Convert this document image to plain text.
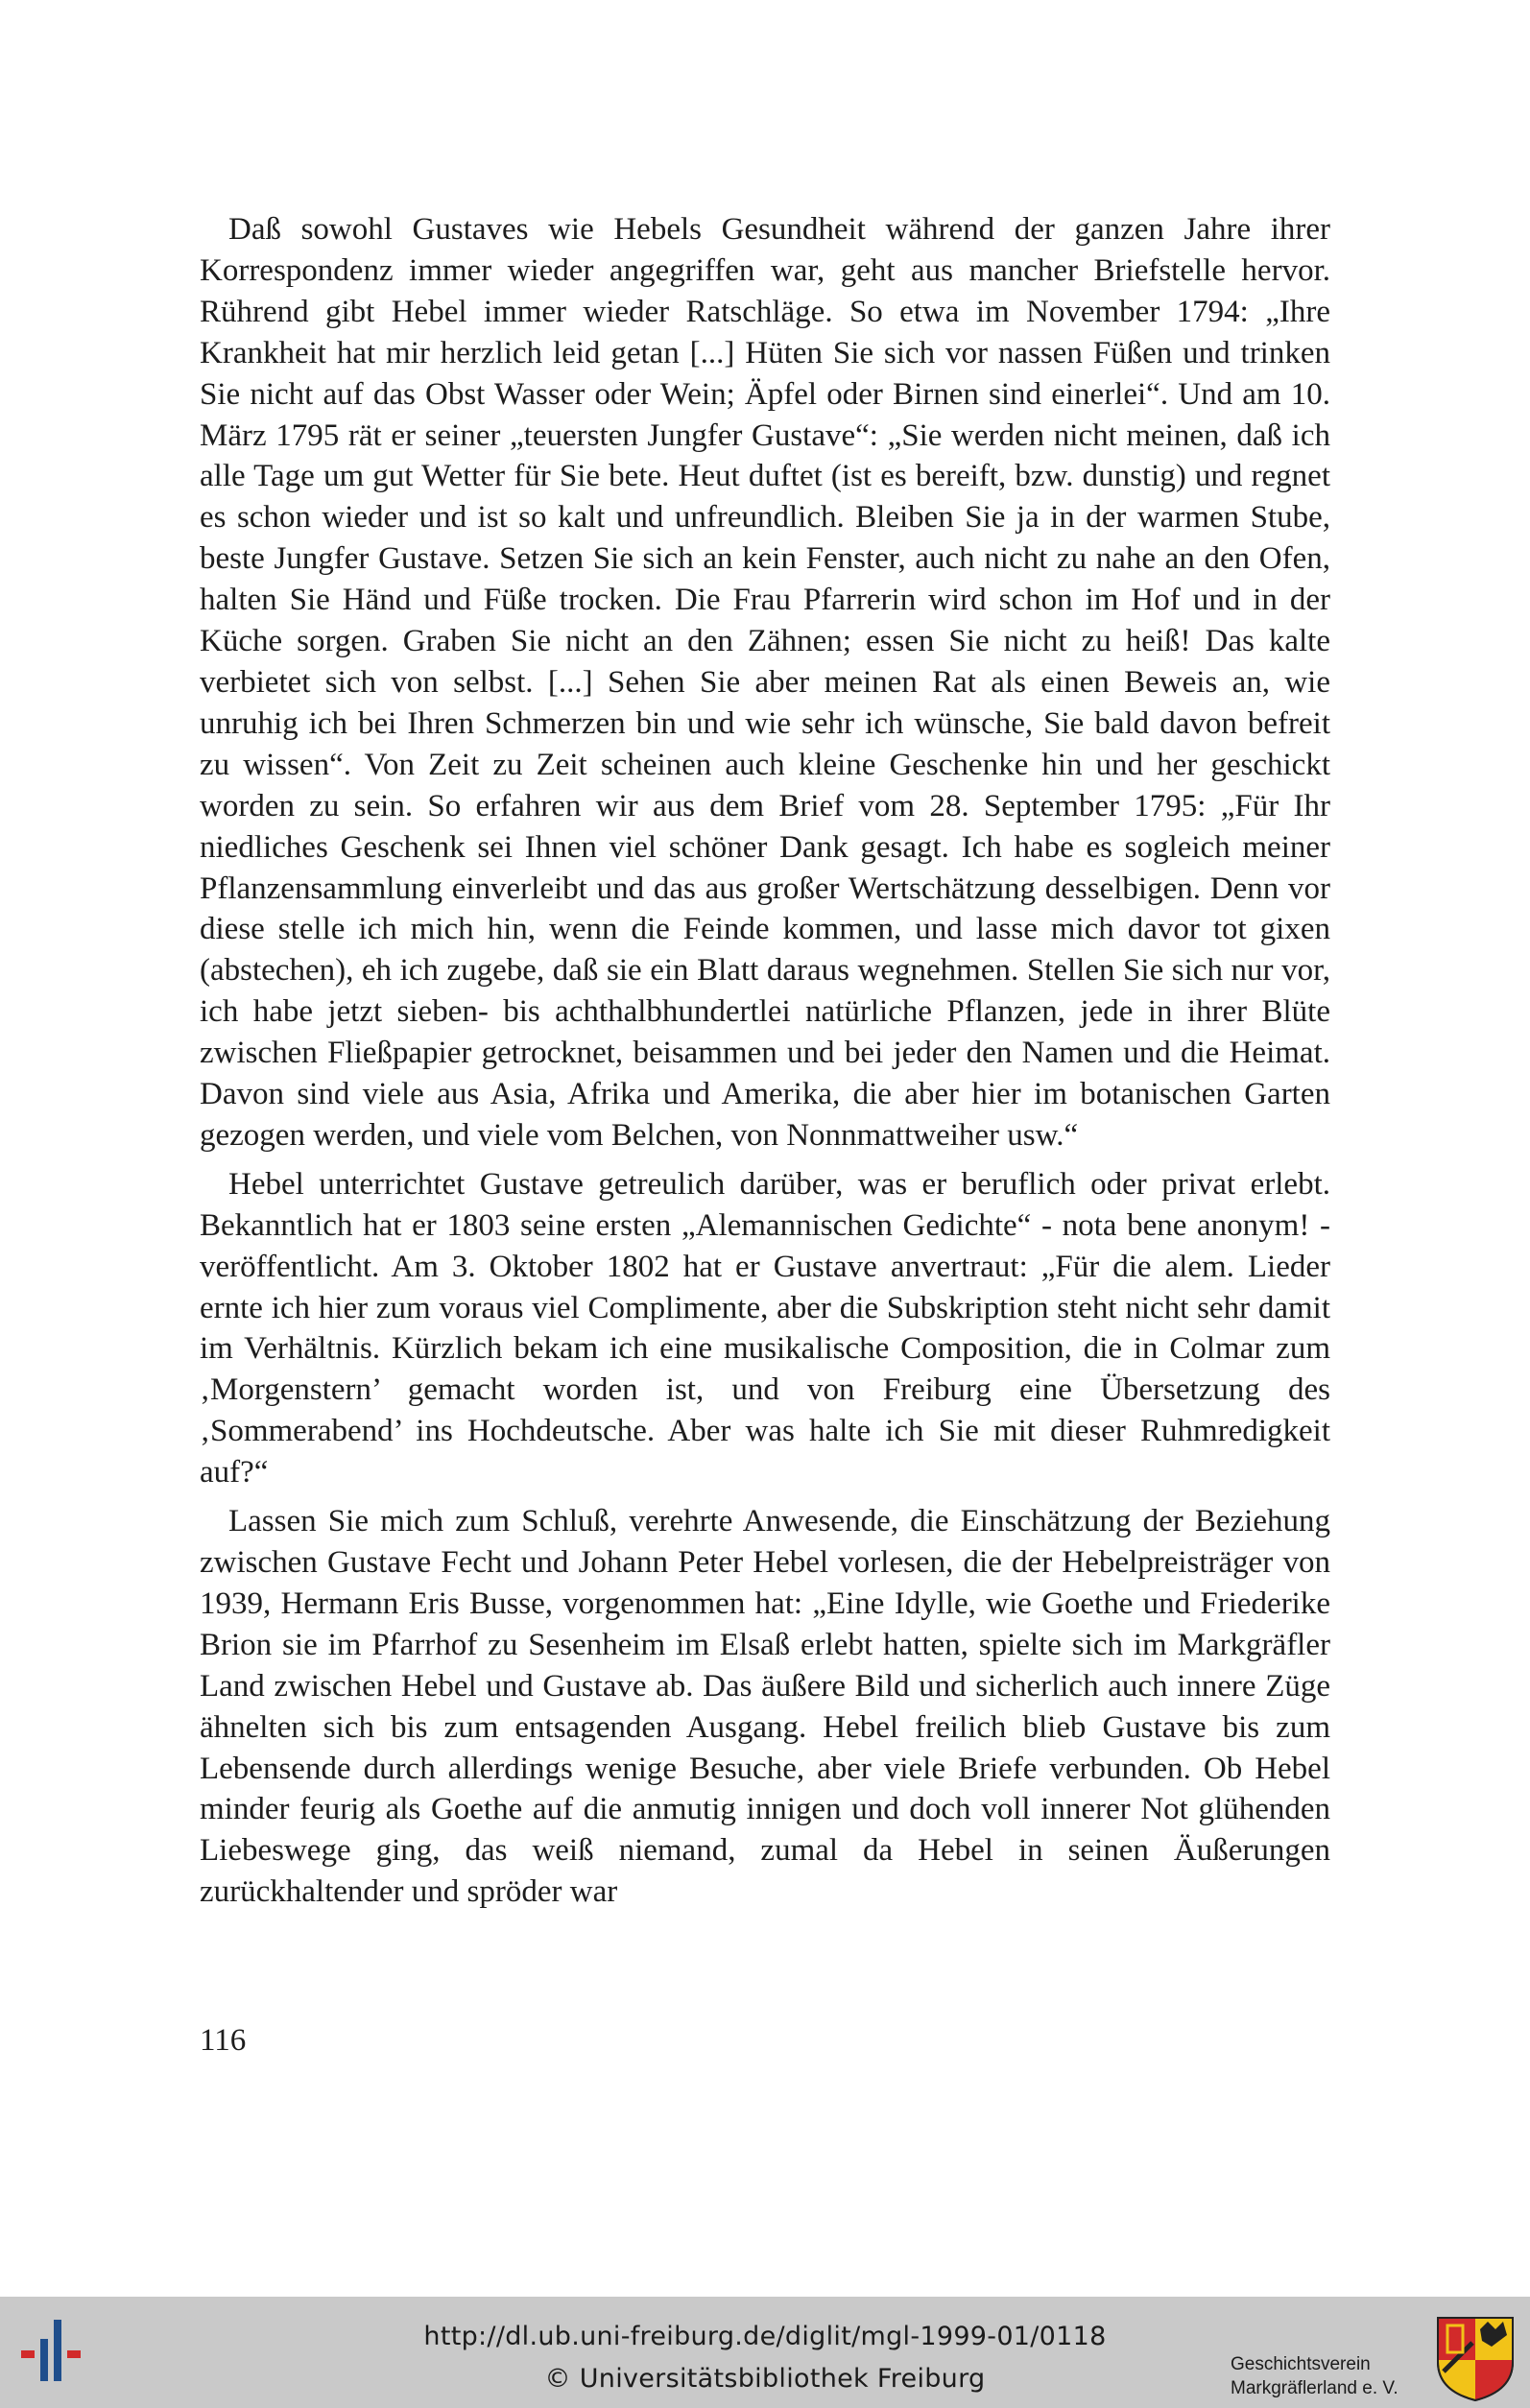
Daß sowohl Gustaves wie Hebels Gesundheit während der ganzen Jahre ihrer Korrespondenz immer wieder angegriffen war, geht aus mancher Briefstelle hervor. Rührend gibt Hebel immer wieder Ratschläge. So etwa im November 1794: „Ihre Krankheit hat mir herzlich leid getan [...] Hüten Sie sich vor nassen Füßen und trinken Sie nicht auf das Obst Wasser oder Wein; Äpfel oder Birnen sind einerlei“. Und am 10. März 1795 rät er seiner „teuersten Jungfer Gustave“: „Sie werden nicht meinen, daß ich alle Tage um gut Wetter für Sie bete. Heut duftet (ist es bereift, bzw. dunstig) und regnet es schon wieder und ist so kalt und unfreundlich. Bleiben Sie ja in der warmen Stube, beste Jungfer Gustave. Setzen Sie sich an kein Fenster, auch nicht zu nahe an den Ofen, halten Sie Händ und Füße trocken. Die Frau Pfarrerin wird schon im Hof und in der Küche sorgen. Graben Sie nicht an den Zähnen; essen Sie nicht zu heiß! Das kalte verbietet sich von selbst. [...] Sehen Sie aber meinen Rat als einen Beweis an, wie unruhig ich bei Ihren Schmerzen bin und wie sehr ich wünsche, Sie bald davon befreit zu wissen“. Von Zeit zu Zeit scheinen auch kleine Geschenke hin und her geschickt worden zu sein. So erfahren wir aus dem Brief vom 28. September 1795: „Für Ihr niedliches Geschenk sei Ihnen viel schöner Dank gesagt. Ich habe es sogleich meiner Pflanzensammlung einverleibt und das aus großer Wertschätzung desselbigen. Denn vor diese stelle ich mich hin, wenn die Feinde kommen, und lasse mich davor tot gixen (abstechen), eh ich zugebe, daß sie ein Blatt daraus wegnehmen. Stellen Sie sich nur vor, ich habe jetzt sieben- bis achthalbhundertlei natürliche Pflanzen, jede in ihrer Blüte zwischen Fließpapier getrocknet, beisammen und bei jeder den Namen und die Heimat. Davon sind viele aus Asia, Afrika und Amerika, die aber hier im botanischen Garten gezogen werden, und viele vom Belchen, von Nonnmattweiher usw.“

Hebel unterrichtet Gustave getreulich darüber, was er beruflich oder privat erlebt. Bekanntlich hat er 1803 seine ersten „Alemannischen Gedichte“ - nota bene anonym! -veröffentlicht. Am 3. Oktober 1802 hat er Gustave anvertraut: „Für die alem. Lieder ernte ich hier zum voraus viel Complimente, aber die Subskription steht nicht sehr damit im Verhältnis. Kürzlich bekam ich eine musikalische Composition, die in Colmar zum ‚Morgenstern’ gemacht worden ist, und von Freiburg eine Übersetzung des ‚Sommerabend’ ins Hochdeutsche. Aber was halte ich Sie mit dieser Ruhmredigkeit auf?“

Lassen Sie mich zum Schluß, verehrte Anwesende, die Einschätzung der Beziehung zwischen Gustave Fecht und Johann Peter Hebel vorlesen, die der Hebelpreisträger von 1939, Hermann Eris Busse, vorgenommen hat: „Eine Idylle, wie Goethe und Friederike Brion sie im Pfarrhof zu Sesenheim im Elsaß erlebt hatten, spielte sich im Markgräfler Land zwischen Hebel und Gustave ab. Das äußere Bild und sicherlich auch innere Züge ähnelten sich bis zum entsagenden Ausgang. Hebel freilich blieb Gustave bis zum Lebensende durch allerdings wenige Besuche, aber viele Briefe verbunden. Ob Hebel minder feurig als Goethe auf die anmutig innigen und doch voll innerer Not glühenden Liebeswege ging, das weiß niemand, zumal da Hebel in seinen Äußerungen zurückhaltender und spröder war

116
http://dl.ub.uni-freiburg.de/diglit/mgl-1999-01/0118
© Universitätsbibliothek Freiburg	Geschichtsverein
Markgräflerland e. V.
